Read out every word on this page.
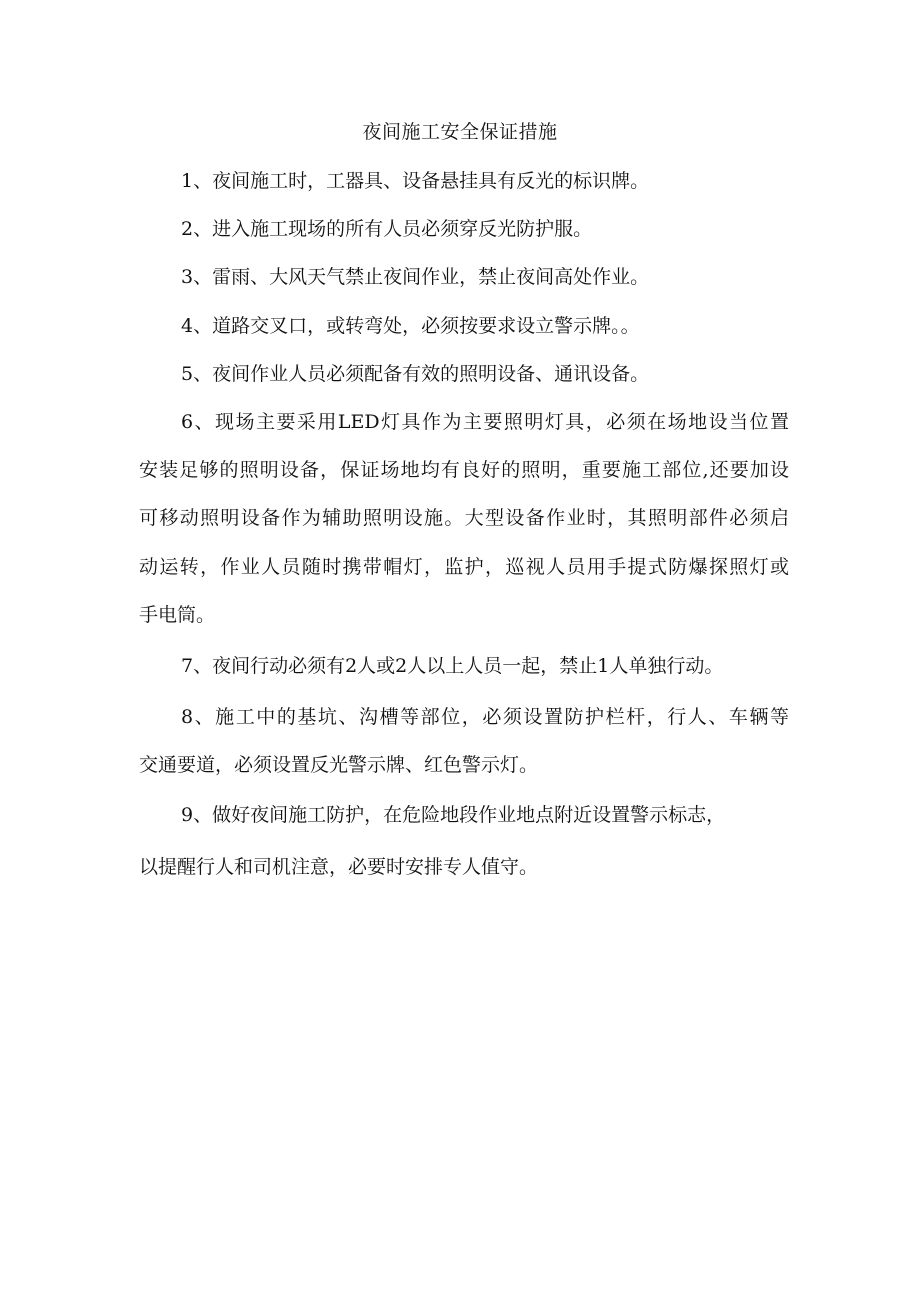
夜间施工安全保证措施
1、夜间施工时，工器具、设备悬挂具有反光的标识牌。
2、进入施工现场的所有人员必须穿反光防护服。
3、雷雨、大风天气禁止夜间作业，禁止夜间高处作业。
4、道路交叉口，或转弯处，必须按要求设立警示牌。。
5、夜间作业人员必须配备有效的照明设备、通讯设备。
6、现场主要采用LED灯具作为主要照明灯具，必须在场地设当位置
安装足够的照明设备，保证场地均有良好的照明，重要施工部位,还要加设
可移动照明设备作为辅助照明设施。大型设备作业时，其照明部件必须启
动运转，作业人员随时携带帽灯，监护，巡视人员用手提式防爆探照灯或
手电筒。
7、夜间行动必须有2人或2人以上人员一起，禁止1人单独行动。
8、施工中的基坑、沟槽等部位，必须设置防护栏杆，行人、车辆等
交通要道，必须设置反光警示牌、红色警示灯。
9、做好夜间施工防护，在危险地段作业地点附近设置警示标志，
以提醒行人和司机注意，必要时安排专人值守。
